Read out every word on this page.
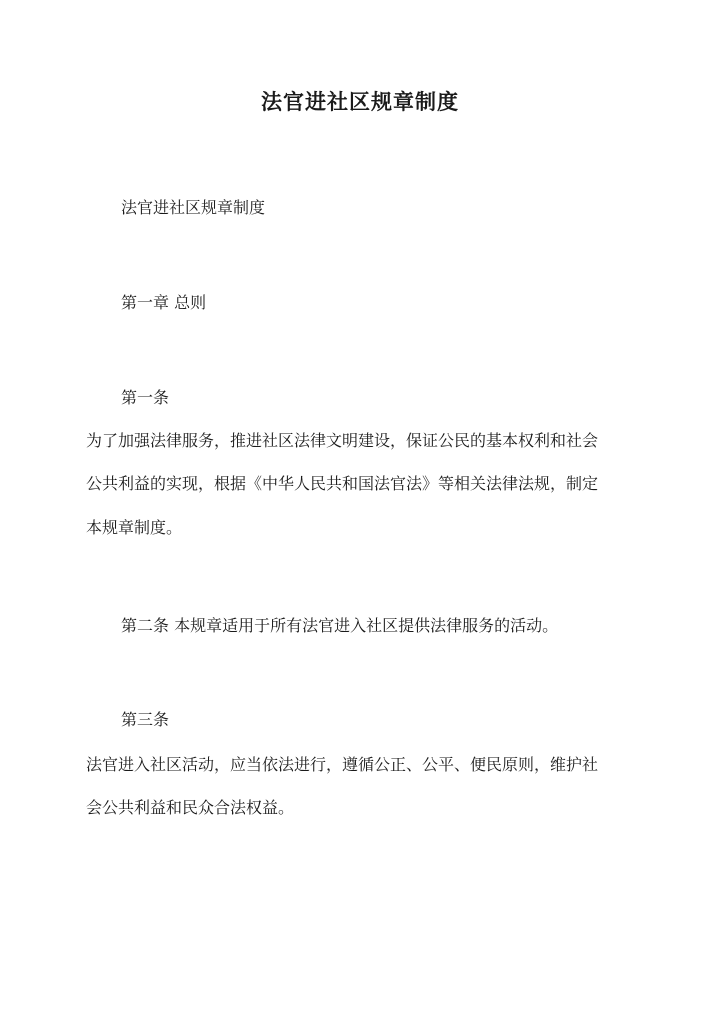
法官进社区规章制度
法官进社区规章制度
第一章 总则
第一条
为了加强法律服务，推进社区法律文明建设，保证公民的基本权利和社会
公共利益的实现，根据《中华人民共和国法官法》等相关法律法规，制定
本规章制度。
第二条 本规章适用于所有法官进入社区提供法律服务的活动。
第三条
法官进入社区活动，应当依法进行，遵循公正、公平、便民原则，维护社
会公共利益和民众合法权益。
